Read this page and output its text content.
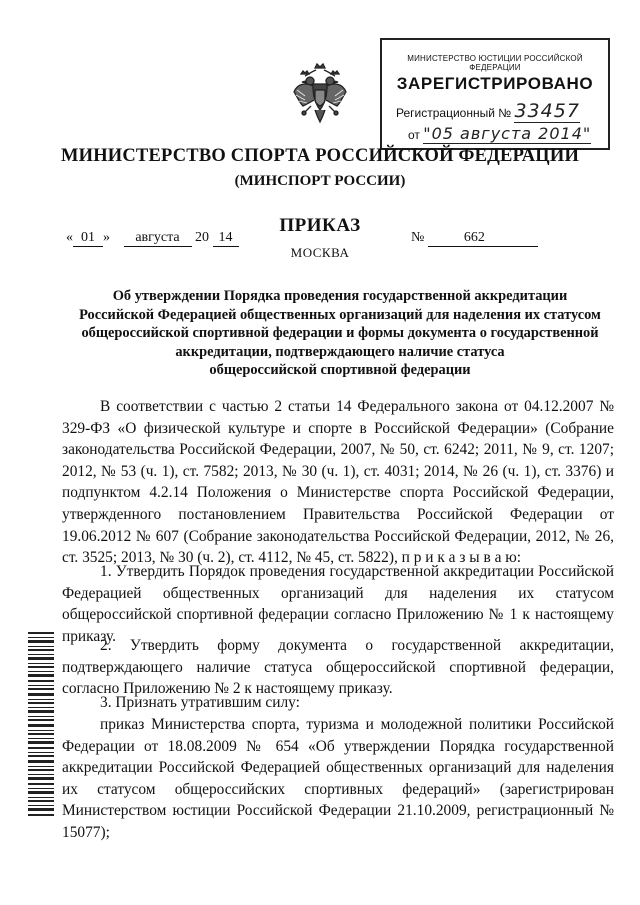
МИНИСТЕРСТВО ЮСТИЦИИ РОССИЙСКОЙ ФЕДЕРАЦИИ
ЗАРЕГИСТРИРОВАНО
Регистрационный № 33457
от "05 августа 2014"
МИНИСТЕРСТВО СПОРТА РОССИЙСКОЙ ФЕДЕРАЦИИ
(МИНСПОРТ РОССИИ)
ПРИКАЗ
МОСКВА
« 01 » августа 20 14	№	662
Об утверждении Порядка проведения государственной аккредитации
Российской Федерацией общественных организаций для наделения их статусом
общероссийской спортивной федерации и формы документа о государственной
аккредитации, подтверждающего наличие статуса
общероссийской спортивной федерации

В соответствии с частью 2 статьи 14 Федерального закона от 04.12.2007 № 329-ФЗ «О физической культуре и спорте в Российской Федерации» (Собрание законодательства Российской Федерации, 2007, № 50, ст. 6242; 2011, № 9, ст. 1207; 2012, № 53 (ч. 1), ст. 7582; 2013, № 30 (ч. 1), ст. 4031; 2014, № 26 (ч. 1), ст. 3376) и подпунктом 4.2.14 Положения о Министерстве спорта Российской Федерации, утвержденного постановлением Правительства Российской Федерации от 19.06.2012 № 607 (Собрание законодательства Российской Федерации, 2012, № 26, ст. 3525; 2013, № 30 (ч. 2), ст. 4112, № 45, ст. 5822), п р и к а з ы в а ю:

1. Утвердить Порядок проведения государственной аккредитации Российской Федерацией общественных организаций для наделения их статусом общероссийской спортивной федерации согласно Приложению № 1 к настоящему приказу.

2. Утвердить форму документа о государственной аккредитации, подтверждающего наличие статуса общероссийской спортивной федерации, согласно Приложению № 2 к настоящему приказу.

3. Признать утратившим силу:

приказ Министерства спорта, туризма и молодежной политики Российской Федерации от 18.08.2009 № 654 «Об утверждении Порядка государственной аккредитации Российской Федерацией общественных организаций для наделения их статусом общероссийских спортивных федераций» (зарегистрирован Министерством юстиции Российской Федерации 21.10.2009, регистрационный № 15077);
